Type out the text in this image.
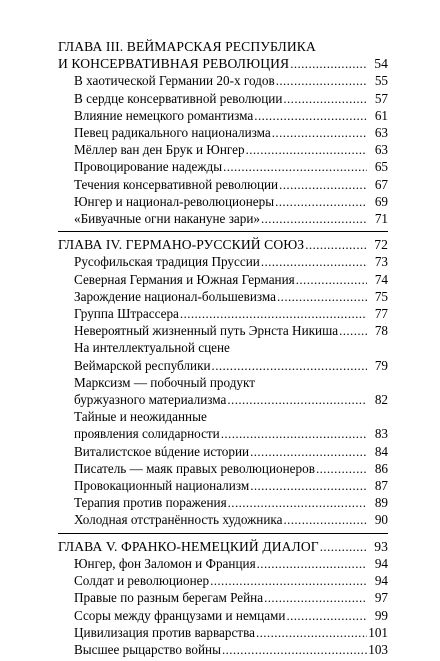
ГЛАВА III. ВЕЙМАРСКАЯ РЕСПУБЛИКА
И КОНСЕРВАТИВНАЯ РЕВОЛЮЦИЯ .....	54
В хаотической Германии 20-х годов .....	55
В сердце консервативной революции .....	57
Влияние немецкого романтизма .....	61
Певец радикального национализма .....	63
Мёллер ван ден Брук и Юнгер .....	63
Провоцирование надежды .....	65
Течения консервативной революции .....	67
Юнгер и национал-революционеры .....	69
«Бивуачные огни накануне зари» .....	71
ГЛАВА IV. ГЕРМАНО-РУССКИЙ СОЮЗ .....	72
Русофильская традиция Пруссии .....	73
Северная Германия и Южная Германия .....	74
Зарождение национал-большевизма .....	75
Группа Штрассера .....	77
Невероятный жизненный путь Эрнста Никиша .....	78
На интеллектуальной сцене
Веймарской республики .....	79
Марксизм — побочный продукт
буржуазного материализма .....	82
Тайные и неожиданные
проявления солидарности .....	83
Виталистское вúдение истории .....	84
Писатель — маяк правых революционеров .....	86
Провокационный национализм .....	87
Терапия против поражения .....	89
Холодная отстранённость художника .....	90
ГЛАВА V. ФРАНКО-НЕМЕЦКИЙ ДИАЛОГ .....	93
Юнгер, фон Заломон и Франция .....	94
Солдат и революционер .....	94
Правые по разным берегам Рейна .....	97
Ссоры между французами и немцами .....	99
Цивилизация против варварства .....	101
Высшее рыцарство войны .....	103
